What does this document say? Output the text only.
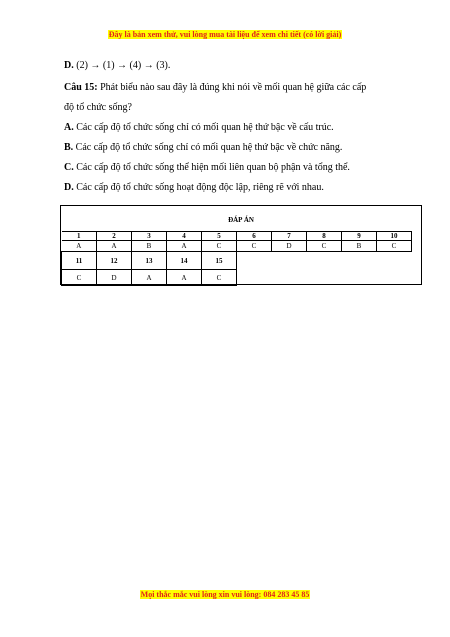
Đây là bản xem thử, vui lòng mua tài liệu để xem chi tiết (có lời giải)

D. (2) → (1) → (4) → (3).

Câu 15: Phát biểu nào sau đây là đúng khi nói về mối quan hệ giữa các cấp
độ tổ chức sống?

A. Các cấp độ tổ chức sống chỉ có mối quan hệ thứ bậc về cấu trúc.

B. Các cấp độ tổ chức sống chỉ có mối quan hệ thứ bậc về chức năng.

C. Các cấp độ tổ chức sống thể hiện mối liên quan bộ phận và tổng thể.

D. Các cấp độ tổ chức sống hoạt động độc lập, riêng rẽ với nhau.

ĐÁP ÁN
1	2	3	4	5	6	7	8	9	10
A	A	B	A	C	C	D	C	B	C
11	12	13	14	15					
C	D	A	A	C					
Mọi thắc mắc vui lòng xin vui lòng: 084 283 45 85
